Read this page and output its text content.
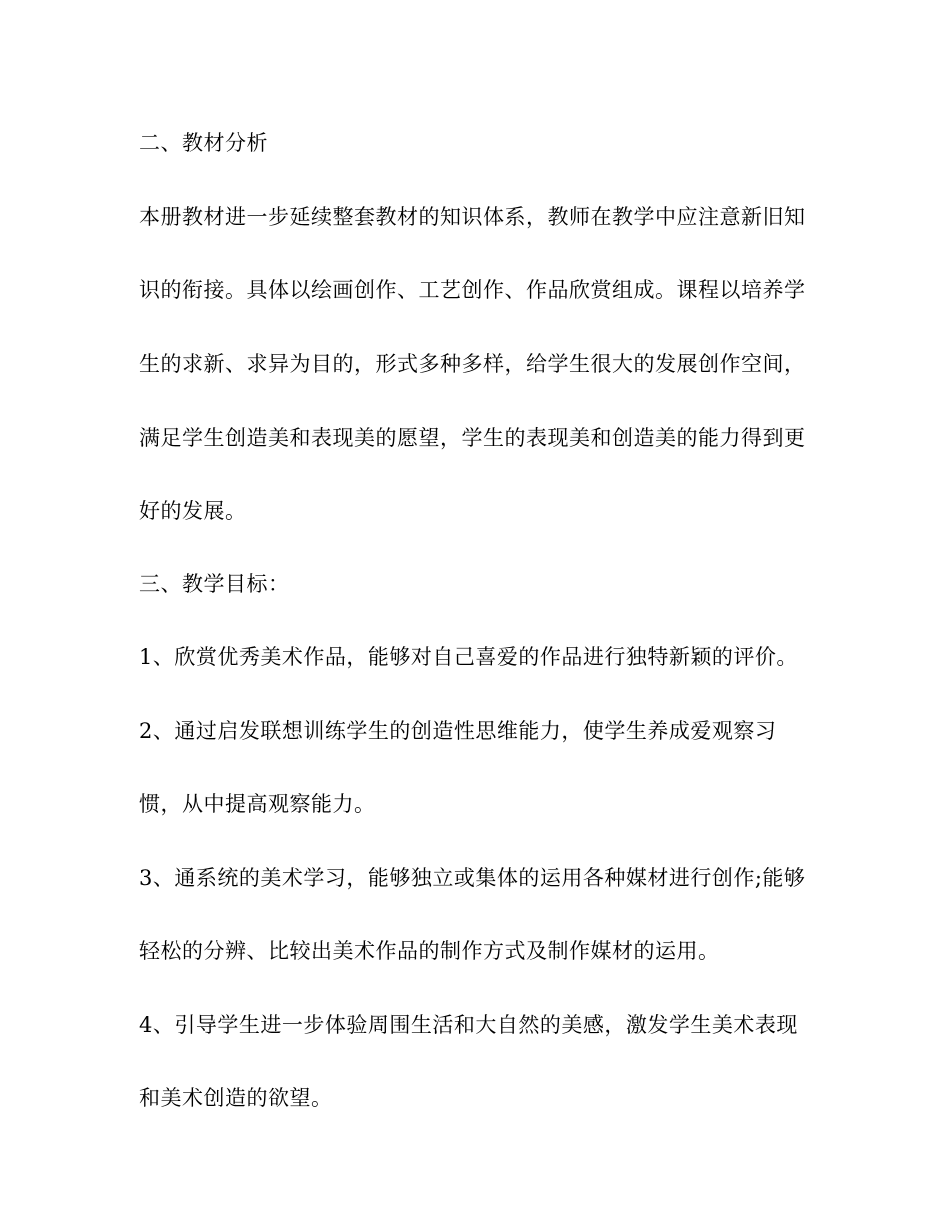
二、教材分析
本册教材进一步延续整套教材的知识体系，教师在教学中应注意新旧知
识的衔接。具体以绘画创作、工艺创作、作品欣赏组成。课程以培养学
生的求新、求异为目的，形式多种多样，给学生很大的发展创作空间，
满足学生创造美和表现美的愿望，学生的表现美和创造美的能力得到更
好的发展。
三、教学目标：
1、欣赏优秀美术作品，能够对自己喜爱的作品进行独特新颖的评价。
2、通过启发联想训练学生的创造性思维能力，使学生养成爱观察习
惯，从中提高观察能力。
3、通系统的美术学习，能够独立或集体的运用各种媒材进行创作;能够
轻松的分辨、比较出美术作品的制作方式及制作媒材的运用。
4、引导学生进一步体验周围生活和大自然的美感，激发学生美术表现
和美术创造的欲望。
